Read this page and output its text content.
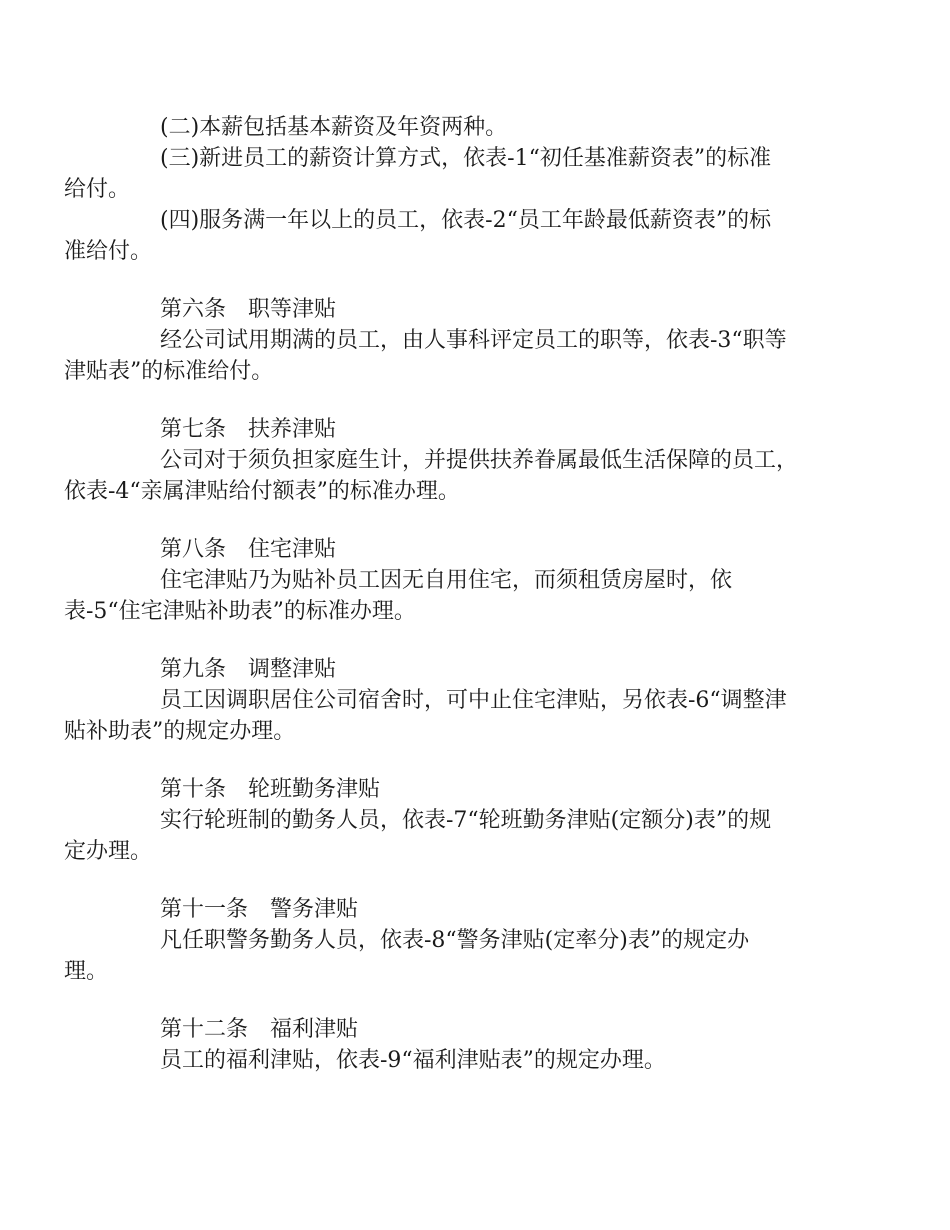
(二)本薪包括基本薪资及年资两种。

(三)新进员工的薪资计算方式，依表-1“初任基准薪资表”的标准
给付。

(四)服务满一年以上的员工，依表-2“员工年龄最低薪资表”的标
准给付。

第六条 职等津贴

经公司试用期满的员工，由人事科评定员工的职等，依表-3“职等
津贴表”的标准给付。

第七条 扶养津贴

公司对于须负担家庭生计，并提供扶养眷属最低生活保障的员工，
依表-4“亲属津贴给付额表”的标准办理。

第八条 住宅津贴

住宅津贴乃为贴补员工因无自用住宅，而须租赁房屋时，依
表-5“住宅津贴补助表”的标准办理。

第九条 调整津贴

员工因调职居住公司宿舍时，可中止住宅津贴，另依表-6“调整津
贴补助表”的规定办理。

第十条 轮班勤务津贴

实行轮班制的勤务人员，依表-7“轮班勤务津贴(定额分)表”的规
定办理。

第十一条 警务津贴

凡任职警务勤务人员，依表-8“警务津贴(定率分)表”的规定办
理。

第十二条 福利津贴

员工的福利津贴，依表-9“福利津贴表”的规定办理。
